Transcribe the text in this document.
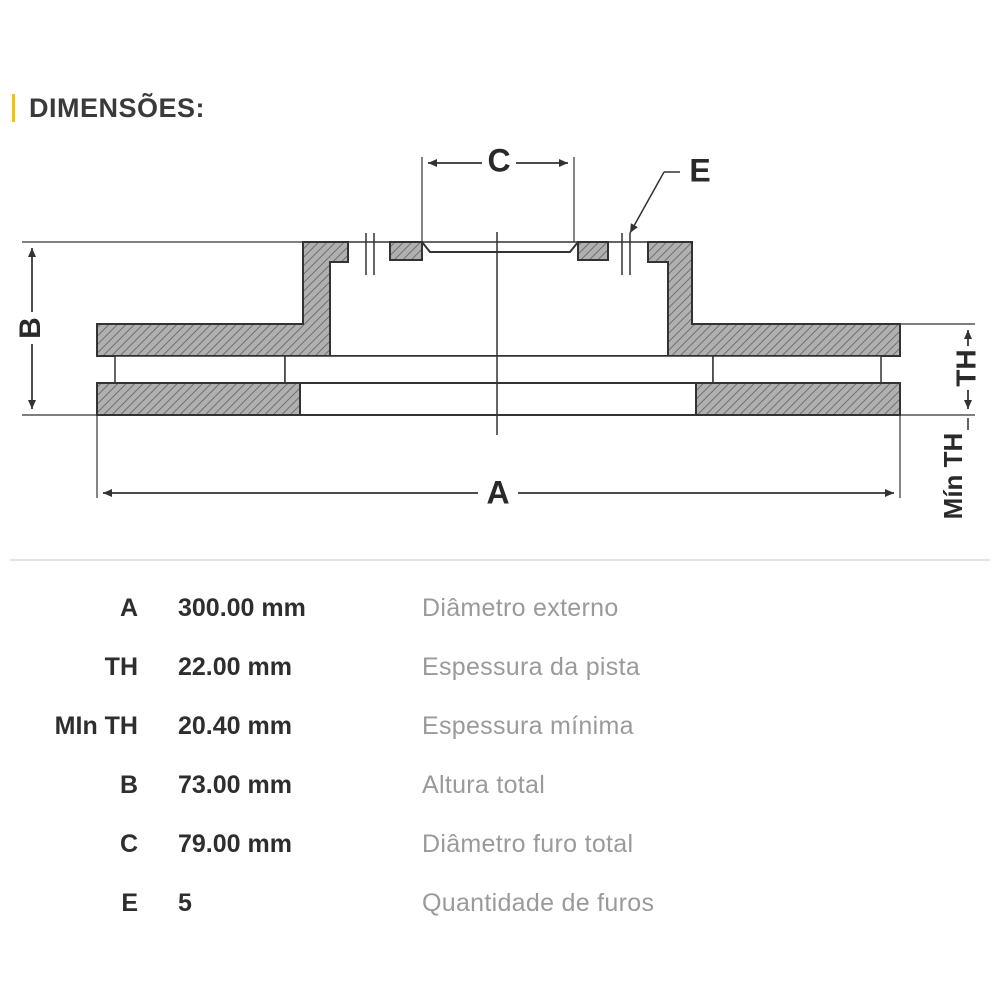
DIMENSÕES:
B
A
C	E
TH
Mín TH
A 300.00 mm	Diâmetro externo
TH 22.00 mm	Espessura da pista
MIn TH 20.40 mm	Espessura mínima
B 73.00 mm	Altura total
C 79.00 mm	Diâmetro furo total
E 5	Quantidade de furos
